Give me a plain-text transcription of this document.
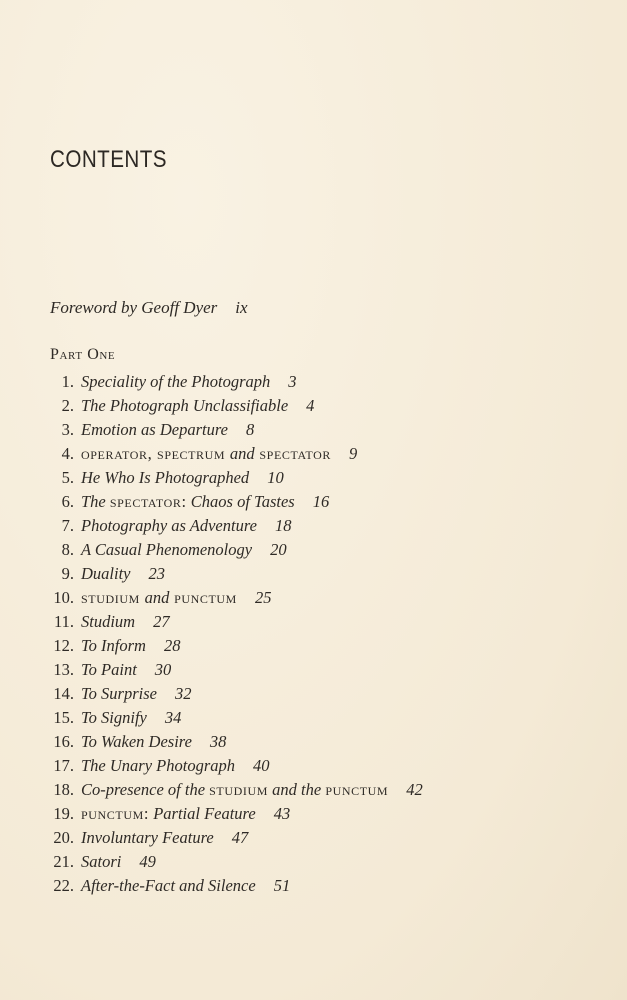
CONTENTS
Foreword by Geoff Dyer ix
Part One
1. Speciality of the Photograph 3
2. The Photograph Unclassifiable 4
3. Emotion as Departure 8
4. operator, spectrum and spectator 9
5. He Who Is Photographed 10
6. The spectator: Chaos of Tastes 16
7. Photography as Adventure 18
8. A Casual Phenomenology 20
9. Duality 23
10. studium and punctum 25
11. Studium 27
12. To Inform 28
13. To Paint 30
14. To Surprise 32
15. To Signify 34
16. To Waken Desire 38
17. The Unary Photograph 40
18. Co-presence of the studium and the punctum 42
19. punctum: Partial Feature 43
20. Involuntary Feature 47
21. Satori 49
22. After-the-Fact and Silence 51
